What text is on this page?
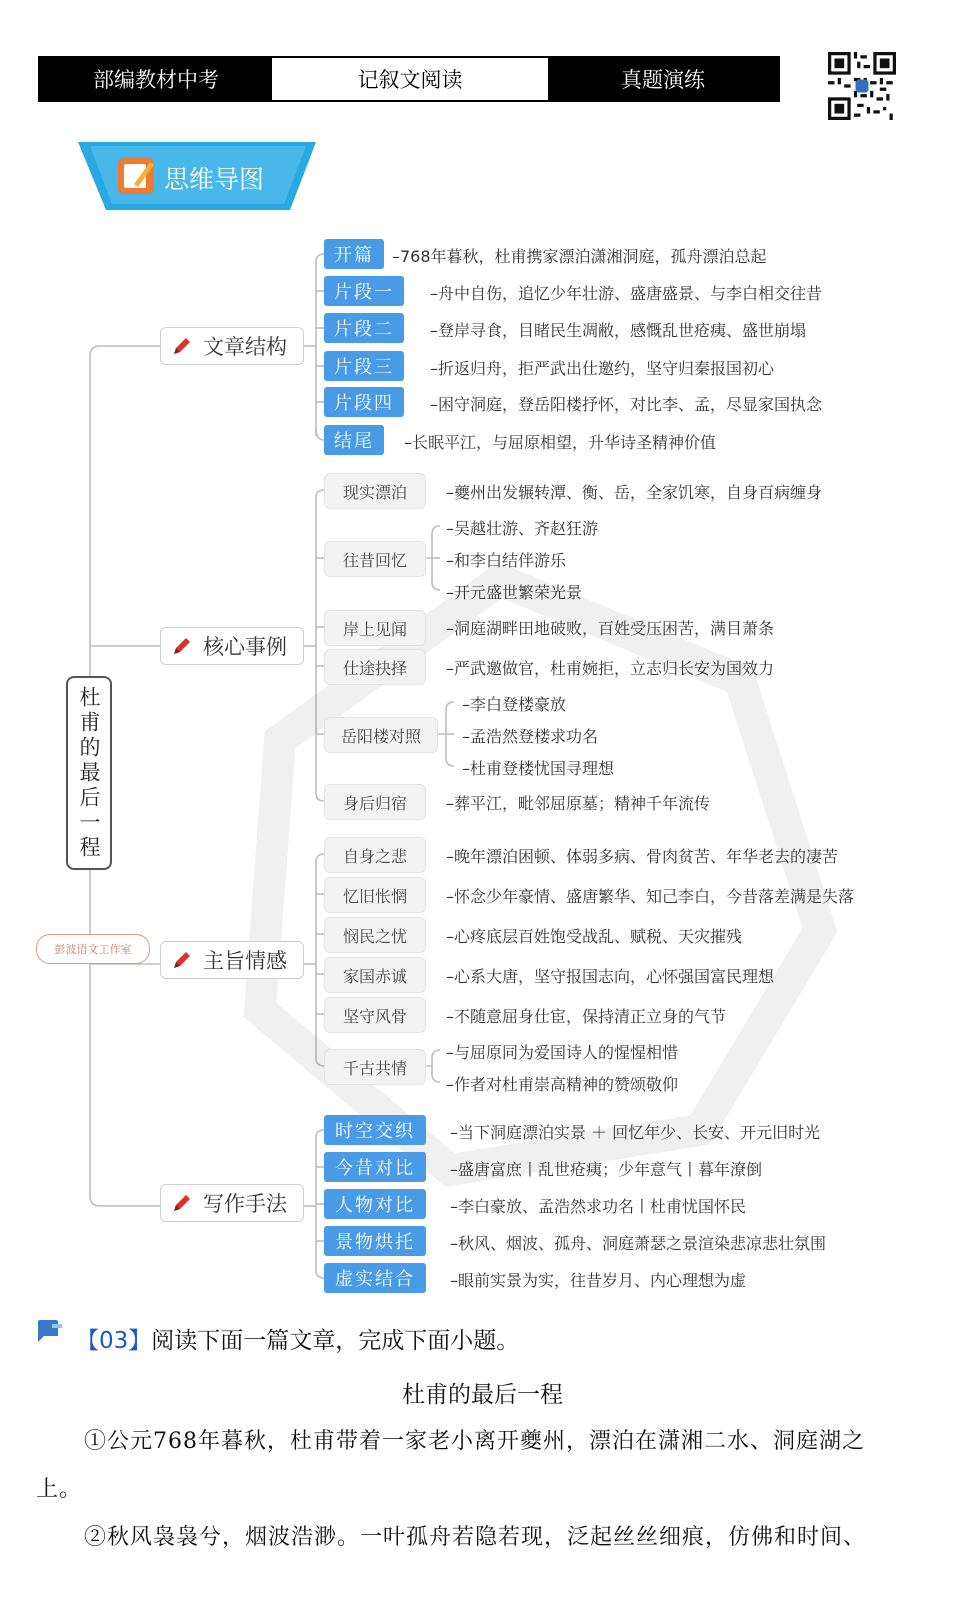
部编教材中考	记叙文阅读	真题演练
思维导图
杜甫的最后一程
彭波语文工作室
文章结构
开篇	–768年暮秋，杜甫携家漂泊潇湘洞庭，孤舟漂泊总起
片段一	–舟中自伤，追忆少年壮游、盛唐盛景、与李白相交往昔
片段二	–登岸寻食，目睹民生凋敝，感慨乱世疮痍、盛世崩塌
片段三	–折返归舟，拒严武出仕邀约，坚守归秦报国初心
片段四	–困守洞庭，登岳阳楼抒怀，对比李、孟，尽显家国执念
结尾	–长眠平江，与屈原相望，升华诗圣精神价值
核心事例
现实漂泊	–夔州出发辗转潭、衡、岳，全家饥寒，自身百病缠身
往昔回忆
–吴越壮游、齐赵狂游
–和李白结伴游乐
–开元盛世繁荣光景
岸上见闻	–洞庭湖畔田地破败，百姓受压困苦，满目萧条
仕途抉择	–严武邀做官，杜甫婉拒，立志归长安为国效力
岳阳楼对照
–李白登楼豪放
–孟浩然登楼求功名
–杜甫登楼忧国寻理想
身后归宿	–葬平江，毗邻屈原墓；精神千年流传
主旨情感
自身之悲	–晚年漂泊困顿、体弱多病、骨肉贫苦、年华老去的凄苦
忆旧怅惘	–怀念少年豪情、盛唐繁华、知己李白，今昔落差满是失落
悯民之忧	–心疼底层百姓饱受战乱、赋税、天灾摧残
家国赤诚	–心系大唐，坚守报国志向，心怀强国富民理想
坚守风骨	–不随意屈身仕宦，保持清正立身的气节
千古共情
–与屈原同为爱国诗人的惺惺相惜
–作者对杜甫崇高精神的赞颂敬仰
写作手法
时空交织	–当下洞庭漂泊实景 ＋ 回忆年少、长安、开元旧时光
今昔对比	–盛唐富庶丨乱世疮痍；少年意气丨暮年潦倒
人物对比	–李白豪放、孟浩然求功名丨杜甫忧国怀民
景物烘托	–秋风、烟波、孤舟、洞庭萧瑟之景渲染悲凉悲壮氛围
虚实结合	–眼前实景为实，往昔岁月、内心理想为虚
【03】阅读下面一篇文章，完成下面小题。
杜甫的最后一程
①公元768年暮秋，杜甫带着一家老小离开夔州，漂泊在潇湘二水、洞庭湖之上。
②秋风袅袅兮，烟波浩渺。一叶孤舟若隐若现，泛起丝丝细痕，仿佛和时间、
